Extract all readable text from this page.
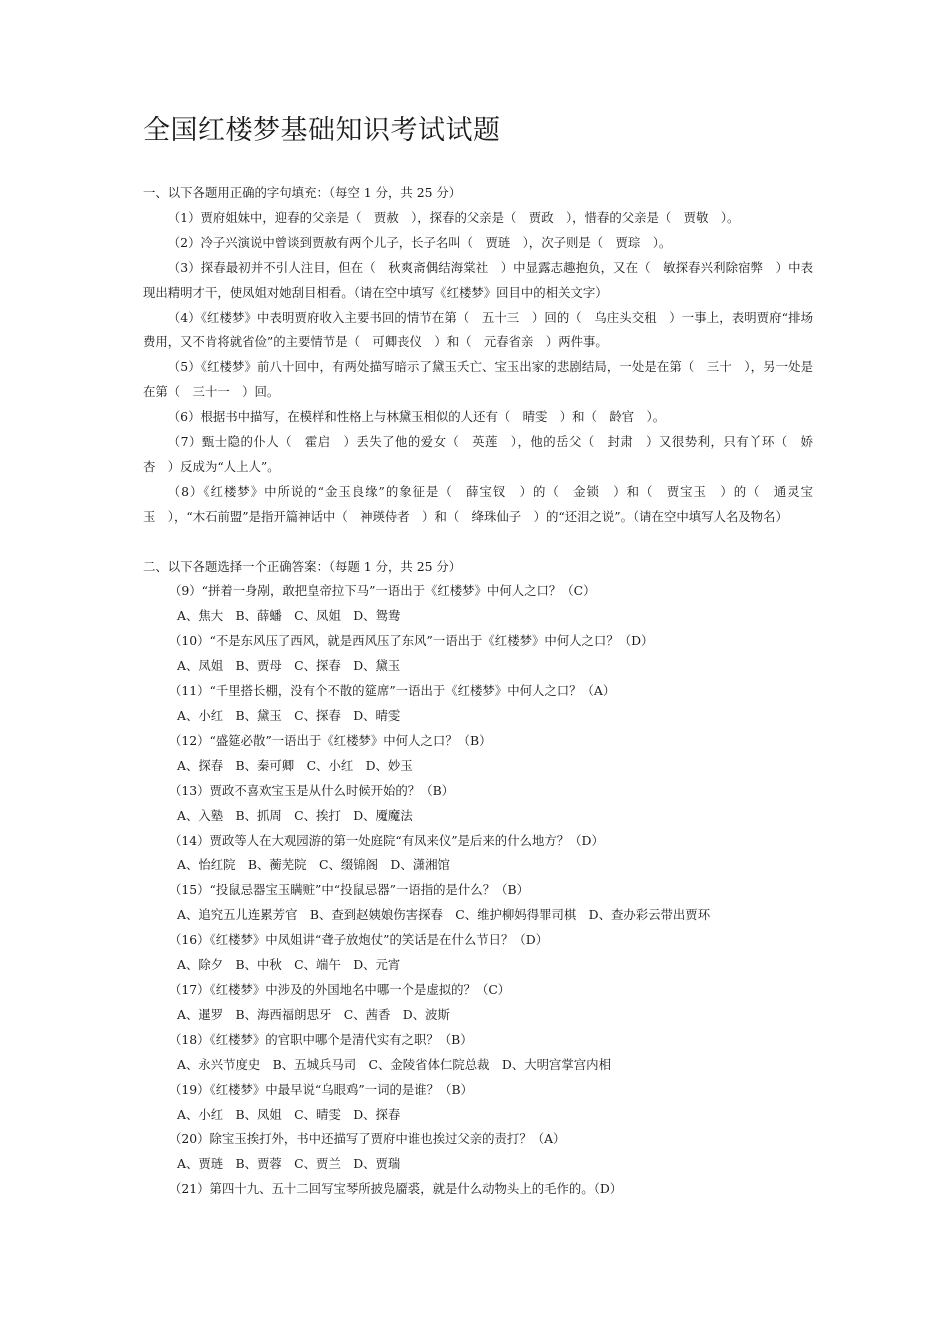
全国红楼梦基础知识考试试题

一、以下各题用正确的字句填充：（每空 1 分，共 25 分）

（1）贾府姐妹中，迎春的父亲是（　贾赦　），探春的父亲是（　贾政　），惜春的父亲是（　贾敬　）。

（2）冷子兴演说中曾谈到贾赦有两个儿子，长子名叫（　贾琏　），次子则是（　贾琮　）。

（3）探春最初并不引人注目，但在（　秋爽斋偶结海棠社　）中显露志趣抱负，又在（　敏探春兴利除宿弊　）中表现出精明才干，使凤姐对她刮目相看。（请在空中填写《红楼梦》回目中的相关文字）

（4）《红楼梦》中表明贾府收入主要书回的情节在第（　五十三　）回的（　乌庄头交租　）一事上，表明贾府“排场费用，又不肯将就省俭”的主要情节是（　可卿丧仪　）和（　元春省亲　）两件事。

（5）《红楼梦》前八十回中，有两处描写暗示了黛玉夭亡、宝玉出家的悲剧结局，一处是在第（　三十　），另一处是在第（　三十一　）回。

（6）根据书中描写，在模样和性格上与林黛玉相似的人还有（　晴雯　）和（　龄官　）。

（7）甄士隐的仆人（　霍启　）丢失了他的爱女（　英莲　），他的岳父（　封肃　）又很势利，只有丫环（　娇杏　）反成为“人上人”。

（8）《红楼梦》中所说的“金玉良缘”的象征是（　薛宝钗　）的（　金锁　）和（　贾宝玉　）的（　通灵宝玉　），“木石前盟”是指开篇神话中（　神瑛侍者　）和（　绛珠仙子　）的“还泪之说”。（请在空中填写人名及物名）

二、以下各题选择一个正确答案：（每题 1 分，共 25 分）

（9）“拼着一身剐，敢把皇帝拉下马”一语出于《红楼梦》中何人之口？（C）

A、焦大　B、薛蟠　C、凤姐　D、鸳鸯

（10）“不是东风压了西风，就是西风压了东风”一语出于《红楼梦》中何人之口？（D）

A、凤姐　B、贾母　C、探春　D、黛玉

（11）“千里搭长棚，没有个不散的筵席”一语出于《红楼梦》中何人之口？（A）

A、小红　B、黛玉　C、探春　D、晴雯

（12）“盛筵必散”一语出于《红楼梦》中何人之口？（B）

A、探春　B、秦可卿　C、小红　D、妙玉

（13）贾政不喜欢宝玉是从什么时候开始的？（B）

A、入塾　B、抓周　C、挨打　D、魇魔法

（14）贾政等人在大观园游的第一处庭院“有凤来仪”是后来的什么地方？（D）

A、怡红院　B、蘅芜院　C、缀锦阁　D、潇湘馆

（15）“投鼠忌器宝玉瞒赃”中“投鼠忌器”一语指的是什么？（B）

A、追究五儿连累芳官　B、查到赵姨娘伤害探春　C、维护柳妈得罪司棋　D、查办彩云带出贾环

（16）《红楼梦》中凤姐讲“聋子放炮仗”的笑话是在什么节日？（D）

A、除夕　B、中秋　C、端午　D、元宵

（17）《红楼梦》中涉及的外国地名中哪一个是虚拟的？（C）

A、暹罗　B、海西福朗思牙　C、茜香　D、波斯

（18）《红楼梦》的官职中哪个是清代实有之职？（B）

A、永兴节度史　B、五城兵马司　C、金陵省体仁院总裁　D、大明宫掌宫内相

（19）《红楼梦》中最早说“乌眼鸡”一词的是谁？（B）

A、小红　B、凤姐　C、晴雯　D、探春

（20）除宝玉挨打外，书中还描写了贾府中谁也挨过父亲的责打？（A）

A、贾琏　B、贾蓉　C、贾兰　D、贾瑞

（21）第四十九、五十二回写宝琴所披凫靥裘，就是什么动物头上的毛作的。（D）
